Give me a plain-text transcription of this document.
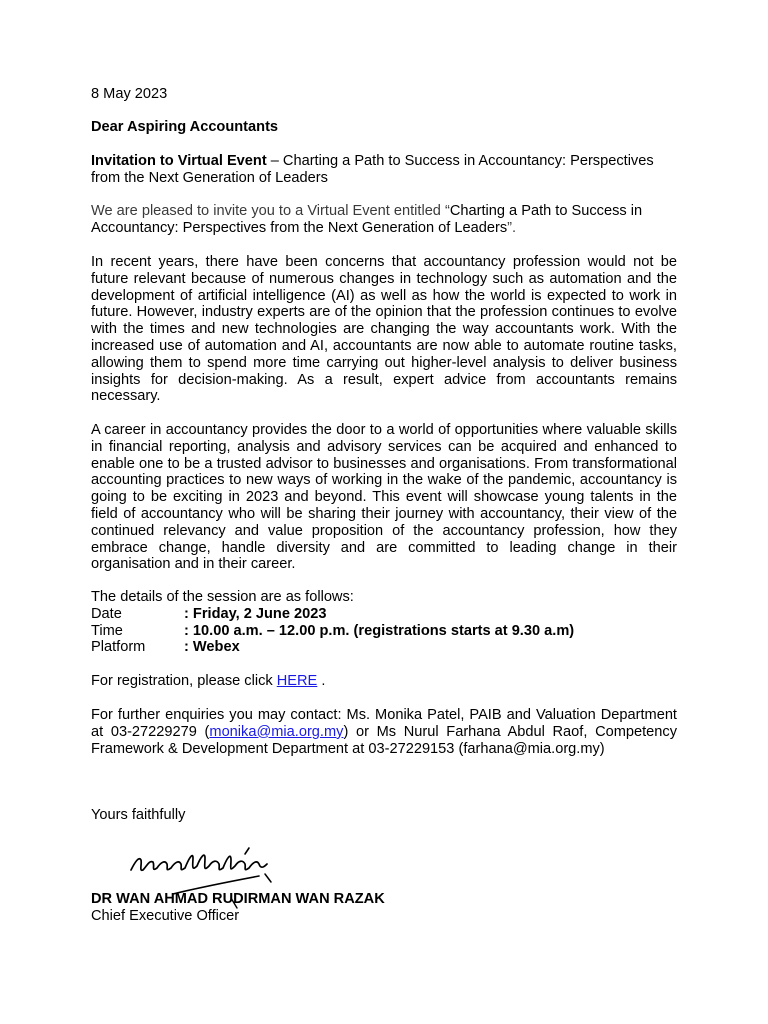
8 May 2023

Dear Aspiring Accountants

Invitation to Virtual Event – Charting a Path to Success in Accountancy: Perspectives from the Next Generation of Leaders

We are pleased to invite you to a Virtual Event entitled “Charting a Path to Success in Accountancy: Perspectives from the Next Generation of Leaders”.

In recent years, there have been concerns that accountancy profession would not be future relevant because of numerous changes in technology such as automation and the development of artificial intelligence (AI) as well as how the world is expected to work in future. However, industry experts are of the opinion that the profession continues to evolve with the times and new technologies are changing the way accountants work. With the increased use of automation and AI, accountants are now able to automate routine tasks, allowing them to spend more time carrying out higher-level analysis to deliver business insights for decision-making. As a result, expert advice from accountants remains necessary.

A career in accountancy provides the door to a world of opportunities where valuable skills in financial reporting, analysis and advisory services can be acquired and enhanced to enable one to be a trusted advisor to businesses and organisations. From transformational accounting practices to new ways of working in the wake of the pandemic, accountancy is going to be exciting in 2023 and beyond. This event will showcase young talents in the field of accountancy who will be sharing their journey with accountancy, their view of the continued relevancy and value proposition of the accountancy profession, how they embrace change, handle diversity and are committed to leading change in their organisation and in their career.

The details of the session are as follows:
Date	: Friday, 2 June 2023
Time	: 10.00 a.m. – 12.00 p.m. (registrations starts at 9.30 a.m)
Platform	: Webex

For registration, please click HERE .

For further enquiries you may contact: Ms. Monika Patel, PAIB and Valuation Department at 03-27229279 (monika@mia.org.my) or Ms Nurul Farhana Abdul Raof, Competency Framework & Development Department at 03-27229153 (farhana@mia.org.my)

Yours faithfully

DR WAN AHMAD RUDIRMAN WAN RAZAK

Chief Executive Officer
